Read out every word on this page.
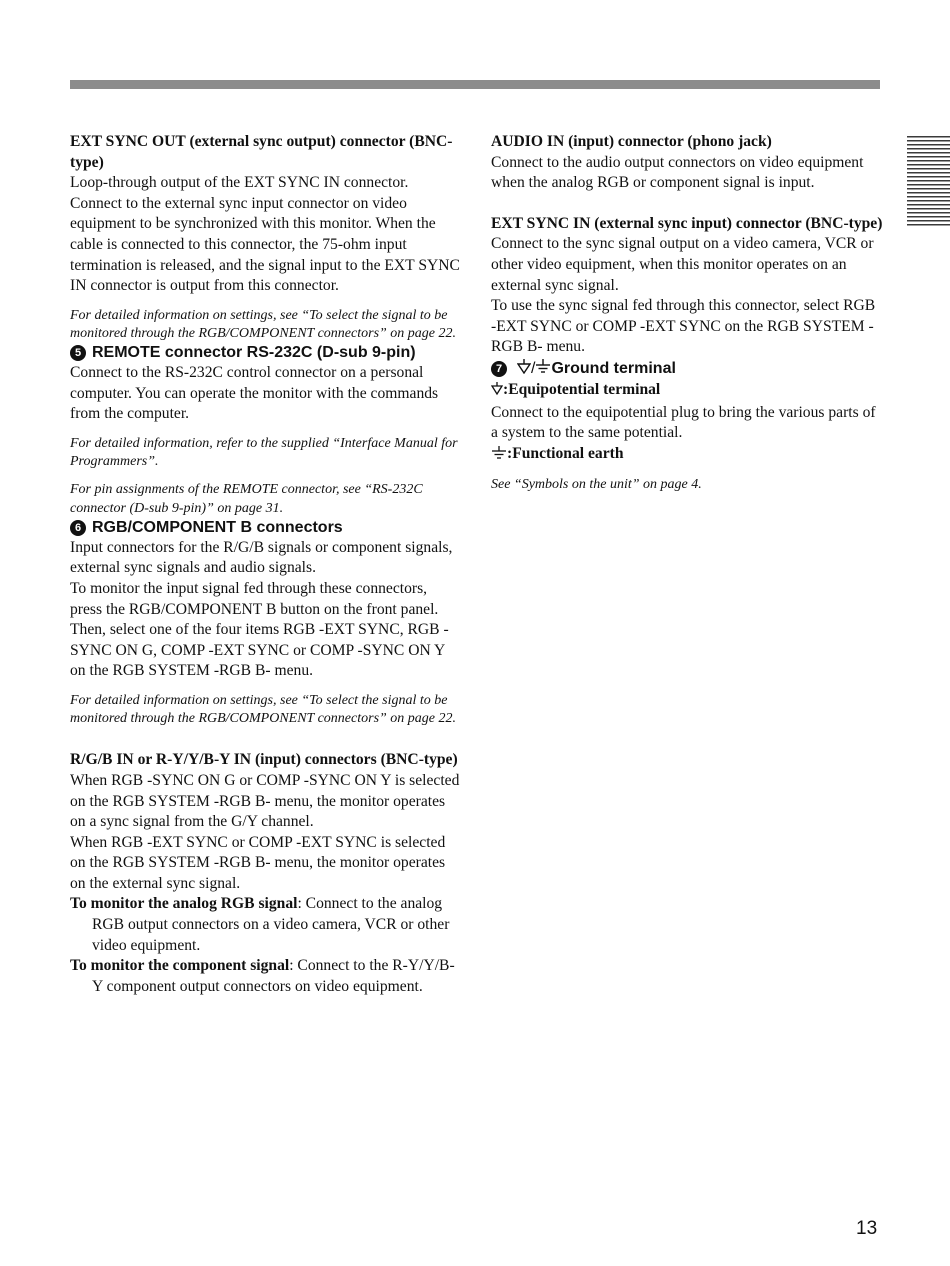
EXT SYNC OUT (external sync output) connector (BNC-type)

Loop-through output of the EXT SYNC IN connector. Connect to the external sync input connector on video equipment to be synchronized with this monitor. When the cable is connected to this connector, the 75-ohm input termination is released, and the signal input to the EXT SYNC IN connector is output from this connector.

For detailed information on settings, see “To select the signal to be monitored through the RGB/COMPONENT connectors” on page 22.

5 REMOTE connector RS-232C (D-sub 9-pin)

Connect to the RS-232C control connector on a personal computer. You can operate the monitor with the commands from the computer.

For detailed information, refer to the supplied “Interface Manual for Programmers”.

For pin assignments of the REMOTE connector, see “RS-232C connector (D-sub 9-pin)” on page 31.

6 RGB/COMPONENT B connectors

Input connectors for the R/G/B signals or component signals, external sync signals and audio signals.

To monitor the input signal fed through these connectors, press the RGB/COMPONENT B button on the front panel. Then, select one of the four items RGB -EXT SYNC, RGB -SYNC ON G, COMP -EXT SYNC or COMP -SYNC ON Y on the RGB SYSTEM -RGB B- menu.

For detailed information on settings, see “To select the signal to be monitored through the RGB/COMPONENT connectors” on page 22.

R/G/B IN or R-Y/Y/B-Y IN (input) connectors (BNC-type)

When RGB -SYNC ON G or COMP -SYNC ON Y is selected on the RGB SYSTEM -RGB B- menu, the monitor operates on a sync signal from the G/Y channel.

When RGB -EXT SYNC or COMP -EXT SYNC is selected on the RGB SYSTEM -RGB B- menu, the monitor operates on the external sync signal.

To monitor the analog RGB signal: Connect to the analog RGB output connectors on a video camera, VCR or other video equipment.

To monitor the component signal: Connect to the R-Y/Y/B-Y component output connectors on video equipment.

AUDIO IN (input) connector (phono jack)

Connect to the audio output connectors on video equipment when the analog RGB or component signal is input.

EXT SYNC IN (external sync input) connector (BNC-type)

Connect to the sync signal output on a video camera, VCR or other video equipment, when this monitor operates on an external sync signal.

To use the sync signal fed through this connector, select RGB -EXT SYNC or COMP -EXT SYNC on the RGB SYSTEM -RGB B- menu.

7	/ Ground terminal

:Equipotential terminal

Connect to the equipotential plug to bring the various parts of a system to the same potential.

:Functional earth

See “Symbols on the unit” on page 4.

13
